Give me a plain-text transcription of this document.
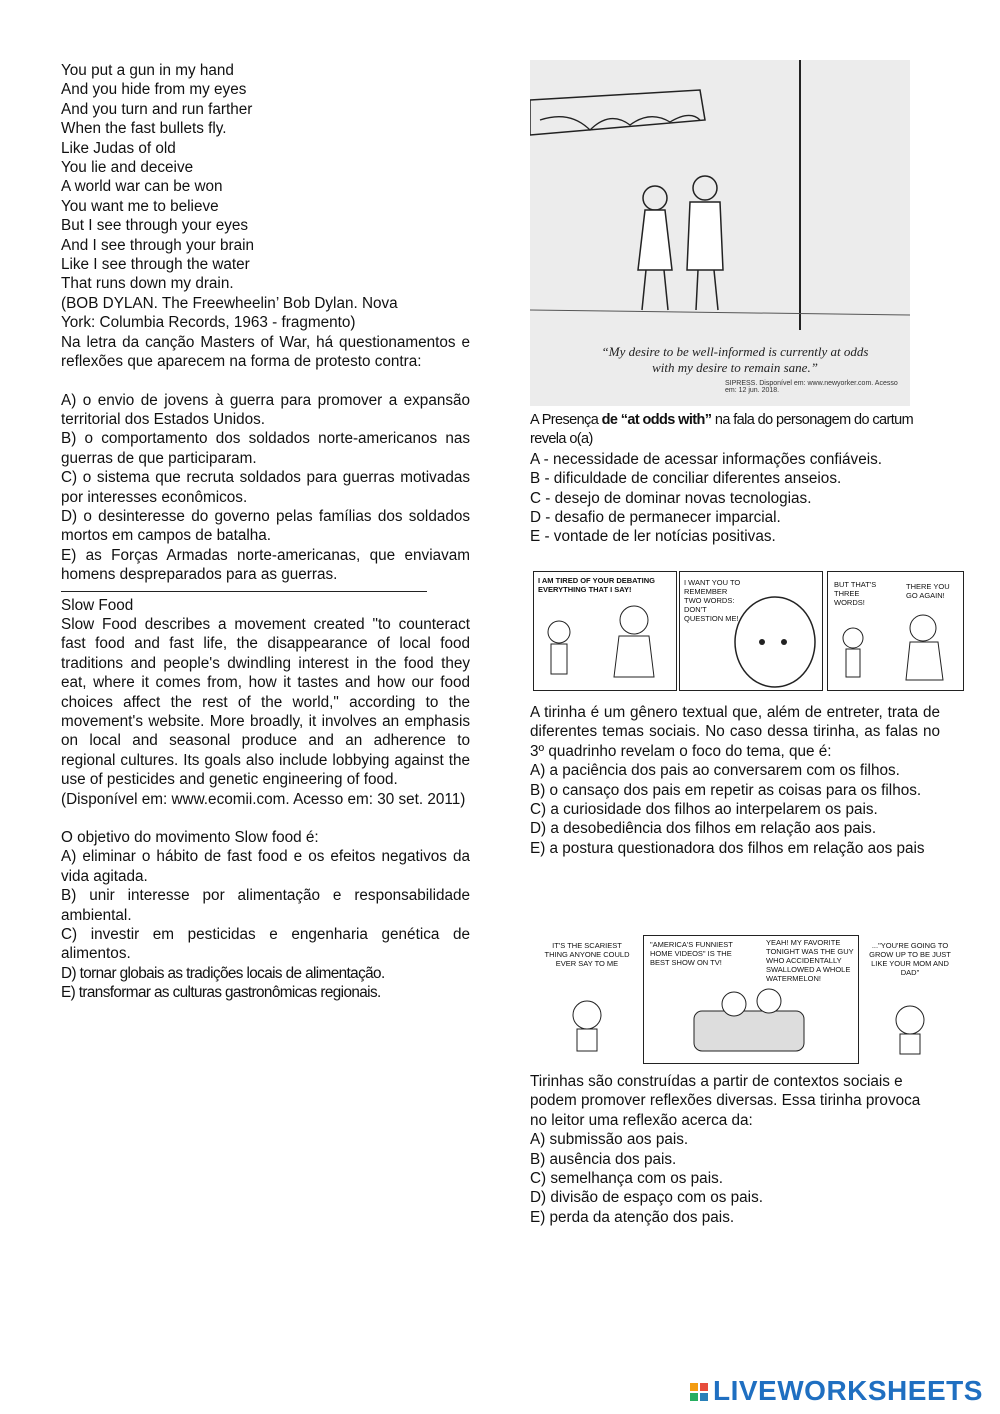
You put a gun in my hand
And you hide from my eyes
And you turn and run farther
When the fast bullets fly.
Like Judas of old
You lie and deceive
A world war can be won
You want me to believe
But I see through your eyes
And I see through your brain
Like I see through the water
That runs down my drain.
(BOB DYLAN. The Freewheelin’ Bob Dylan. Nova
York: Columbia Records, 1963 - fragmento)
Na letra da canção Masters of War, há questionamentos e reflexões que aparecem na forma de protesto contra:
A) o envio de jovens à guerra para promover a expansão territorial dos Estados Unidos.
B) o comportamento dos soldados norte-americanos nas guerras de que participaram.
C) o sistema que recruta soldados para guerras motivadas por interesses econômicos.
D) o desinteresse do governo pelas famílias dos soldados mortos em campos de batalha.
E) as Forças Armadas norte-americanas, que enviavam homens despreparados para as guerras.
Slow Food
Slow Food describes a movement created "to counteract fast food and fast life, the disappearance of local food traditions and people's dwindling interest in the food they eat, where it comes from, how it tastes and how our food choices affect the rest of the world," according to the movement's website. More broadly, it involves an emphasis on local and seasonal produce and an adherence to regional cultures. Its goals also include lobbying against the use of pesticides and genetic engineering of food.
(Disponível em: www.ecomii.com. Acesso em: 30 set. 2011)
O objetivo do movimento Slow food é:
A) eliminar o hábito de fast food e os efeitos negativos da vida agitada.
B) unir interesse por alimentação e responsabilidade ambiental.
C) investir em pesticidas e engenharia genética de alimentos.
D) tornar globais as tradições locais de alimentação.
E) transformar as culturas gastronômicas regionais.
“My desire to be well-informed is currently at odds with my desire to remain sane.”
SIPRESS. Disponível em: www.newyorker.com. Acesso em: 12 jun. 2018.
A Presença de “at odds with” na fala do personagem do cartum revela o(a)
A - necessidade de acessar informações confiáveis.
B - dificuldade de conciliar diferentes anseios.
C - desejo de dominar novas tecnologias.
D - desafio de permanecer imparcial.
E - vontade de ler notícias positivas.
I AM TIRED OF YOUR DEBATING EVERYTHING THAT I SAY!
I WANT YOU TO REMEMBER TWO WORDS: DON'T QUESTION ME!
BUT THAT'S THREE WORDS!
THERE YOU GO AGAIN!
A tirinha é um gênero textual que, além de entreter, trata de diferentes temas sociais. No caso dessa tirinha, as falas no 3º quadrinho revelam o foco do tema, que é:
A) a paciência dos pais ao conversarem com os filhos.
B) o cansaço dos pais em repetir as coisas para os filhos.
C) a curiosidade dos filhos ao interpelarem os pais.
D) a desobediência dos filhos em relação aos pais.
E) a postura questionadora dos filhos em relação aos pais
IT'S THE SCARIEST THING ANYONE COULD EVER SAY TO ME
"AMERICA'S FUNNIEST HOME VIDEOS" IS THE BEST SHOW ON TV!
YEAH! MY FAVORITE TONIGHT WAS THE GUY WHO ACCIDENTALLY SWALLOWED A WHOLE WATERMELON!
..."YOU'RE GOING TO GROW UP TO BE JUST LIKE YOUR MOM AND DAD"
Tirinhas são construídas a partir de contextos sociais e podem promover reflexões diversas. Essa tirinha provoca no leitor uma reflexão acerca da:
A) submissão aos pais.
B) ausência dos pais.
C) semelhança com os pais.
D) divisão de espaço com os pais.
E) perda da atenção dos pais.
LIVEWORKSHEETS
